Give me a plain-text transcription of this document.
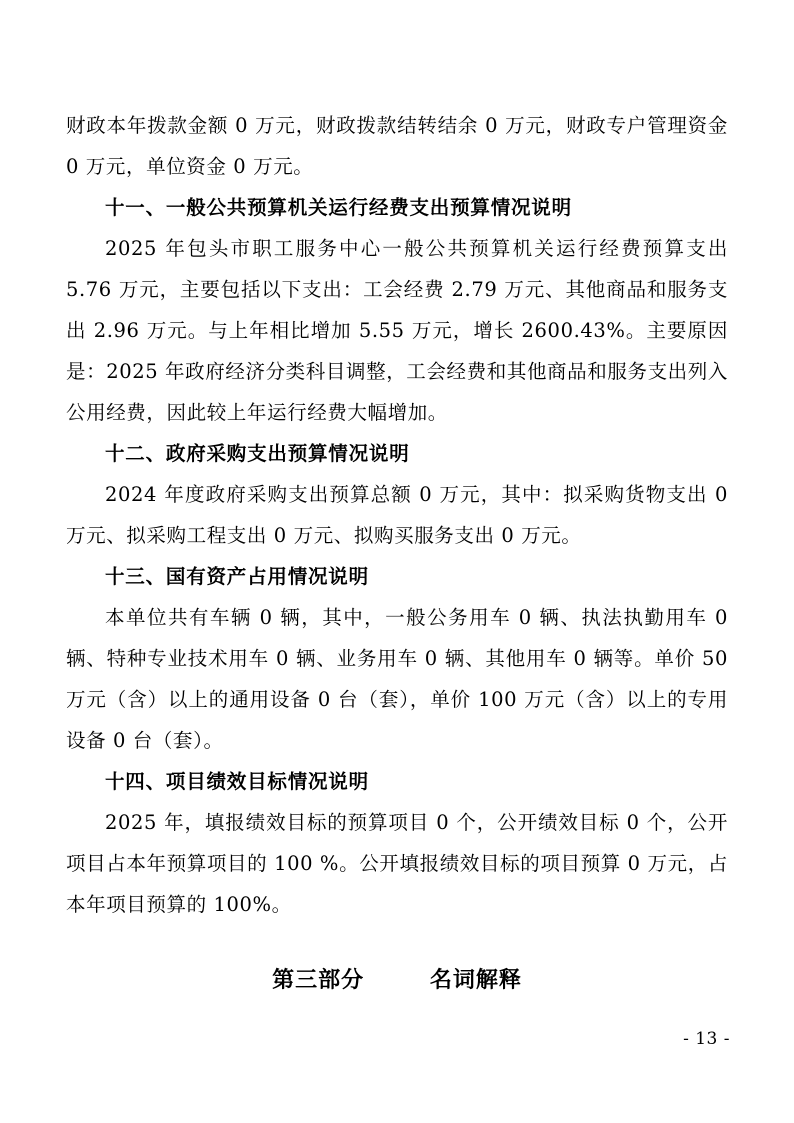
财政本年拨款金额 0 万元，财政拨款结转结余 0 万元，财政专户管理资金 0 万元，单位资金 0 万元。

十一、一般公共预算机关运行经费支出预算情况说明

2025 年包头市职工服务中心一般公共预算机关运行经费预算支出 5.76 万元，主要包括以下支出：工会经费 2.79 万元、其他商品和服务支出 2.96 万元。与上年相比增加 5.55 万元，增长 2600.43%。主要原因是：2025 年政府经济分类科目调整，工会经费和其他商品和服务支出列入公用经费，因此较上年运行经费大幅增加。

十二、政府采购支出预算情况说明

2024 年度政府采购支出预算总额 0 万元，其中：拟采购货物支出 0 万元、拟采购工程支出 0 万元、拟购买服务支出 0 万元。

十三、国有资产占用情况说明

本单位共有车辆 0 辆，其中，一般公务用车 0 辆、执法执勤用车 0 辆、特种专业技术用车 0 辆、业务用车 0 辆、其他用车 0 辆等。单价 50 万元（含）以上的通用设备 0 台（套），单价 100 万元（含）以上的专用设备 0 台（套）。

十四、项目绩效目标情况说明

2025 年，填报绩效目标的预算项目 0 个，公开绩效目标 0 个，公开项目占本年预算项目的 100 %。公开填报绩效目标的项目预算 0 万元，占本年项目预算的 100%。

第三部分	名词解释
- 13 -
